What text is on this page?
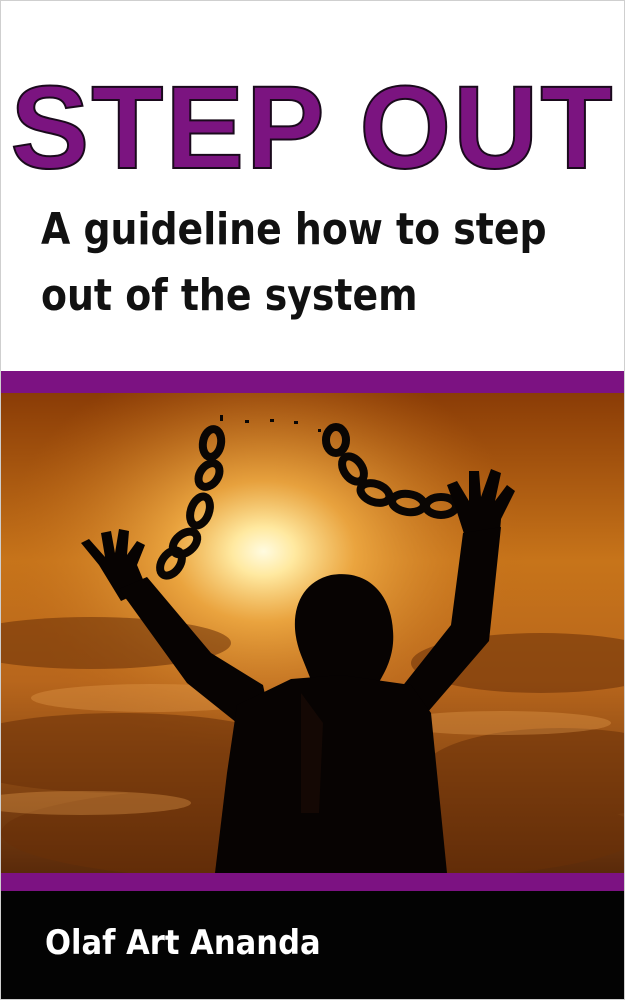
STEP OUT
A guideline how to step
out of the system
Olaf Art Ananda
